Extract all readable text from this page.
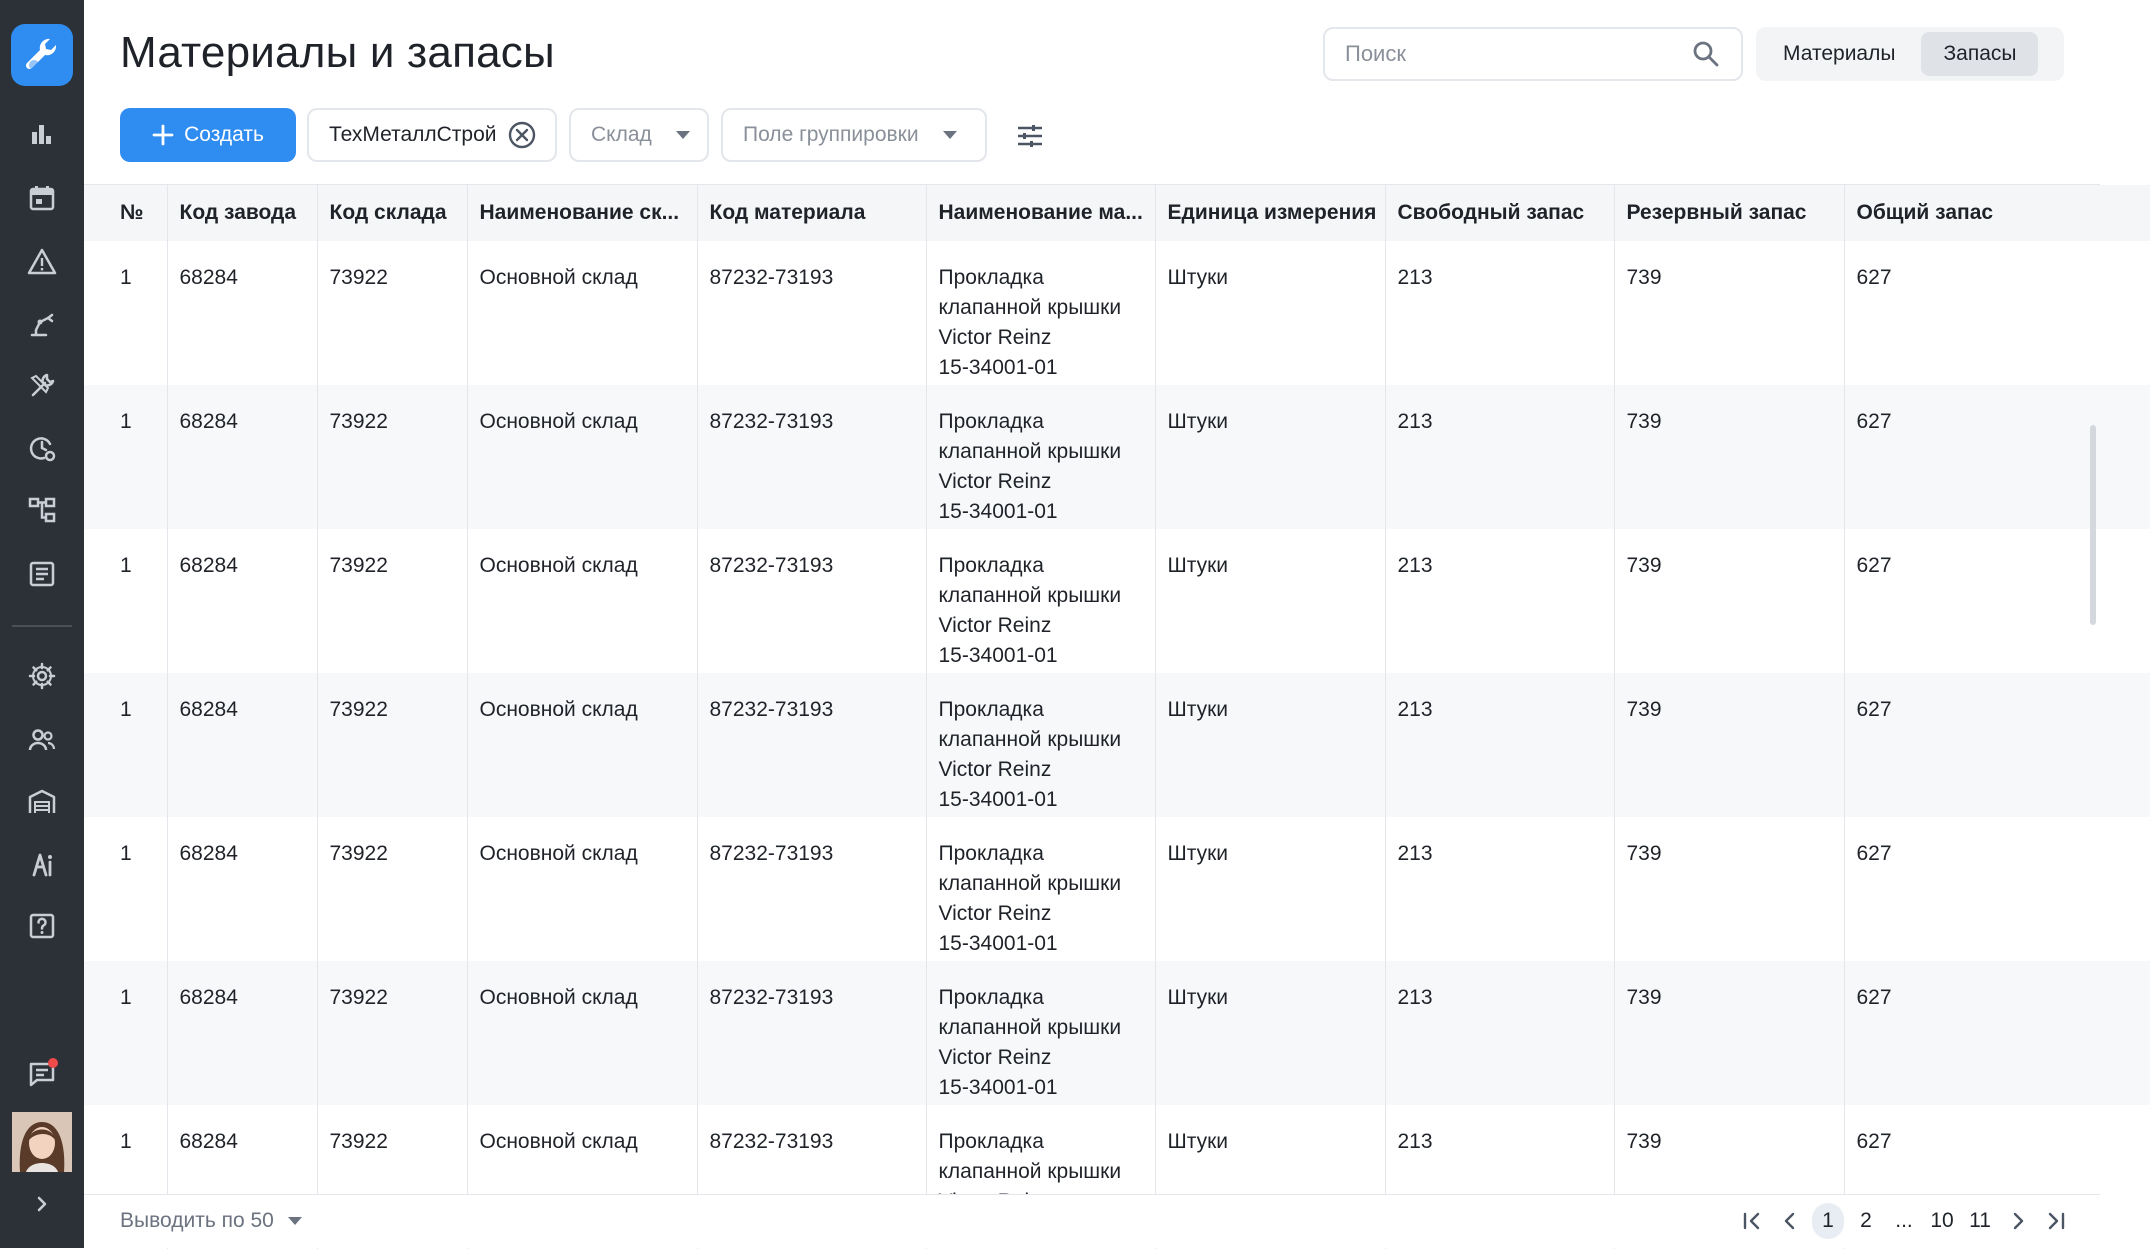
Материалы и запасы
Поиск	Материалы	Запасы
Создать	ТехМеталлСтрой	Склад	Поле группировки
№	Код завода	Код склада	Наименование ск...	Код материала	Наименование ма...	Единица измерения	Свободный запас	Резервный запас	Общий запас
1	68284	73922	Основной склад	87232-73193	Прокладка
клапанной крышки
Victor Reinz
15-34001-01	Штуки	213	739	627
1	68284	73922	Основной склад	87232-73193	Прокладка
клапанной крышки
Victor Reinz
15-34001-01	Штуки	213	739	627
1	68284	73922	Основной склад	87232-73193	Прокладка
клапанной крышки
Victor Reinz
15-34001-01	Штуки	213	739	627
1	68284	73922	Основной склад	87232-73193	Прокладка
клапанной крышки
Victor Reinz
15-34001-01	Штуки	213	739	627
1	68284	73922	Основной склад	87232-73193	Прокладка
клапанной крышки
Victor Reinz
15-34001-01	Штуки	213	739	627
1	68284	73922	Основной склад	87232-73193	Прокладка
клапанной крышки
Victor Reinz
15-34001-01	Штуки	213	739	627
1	68284	73922	Основной склад	87232-73193	Прокладка
клапанной крышки	Штуки	213	739	627
Выводить по 50	1	2	... 10 11
